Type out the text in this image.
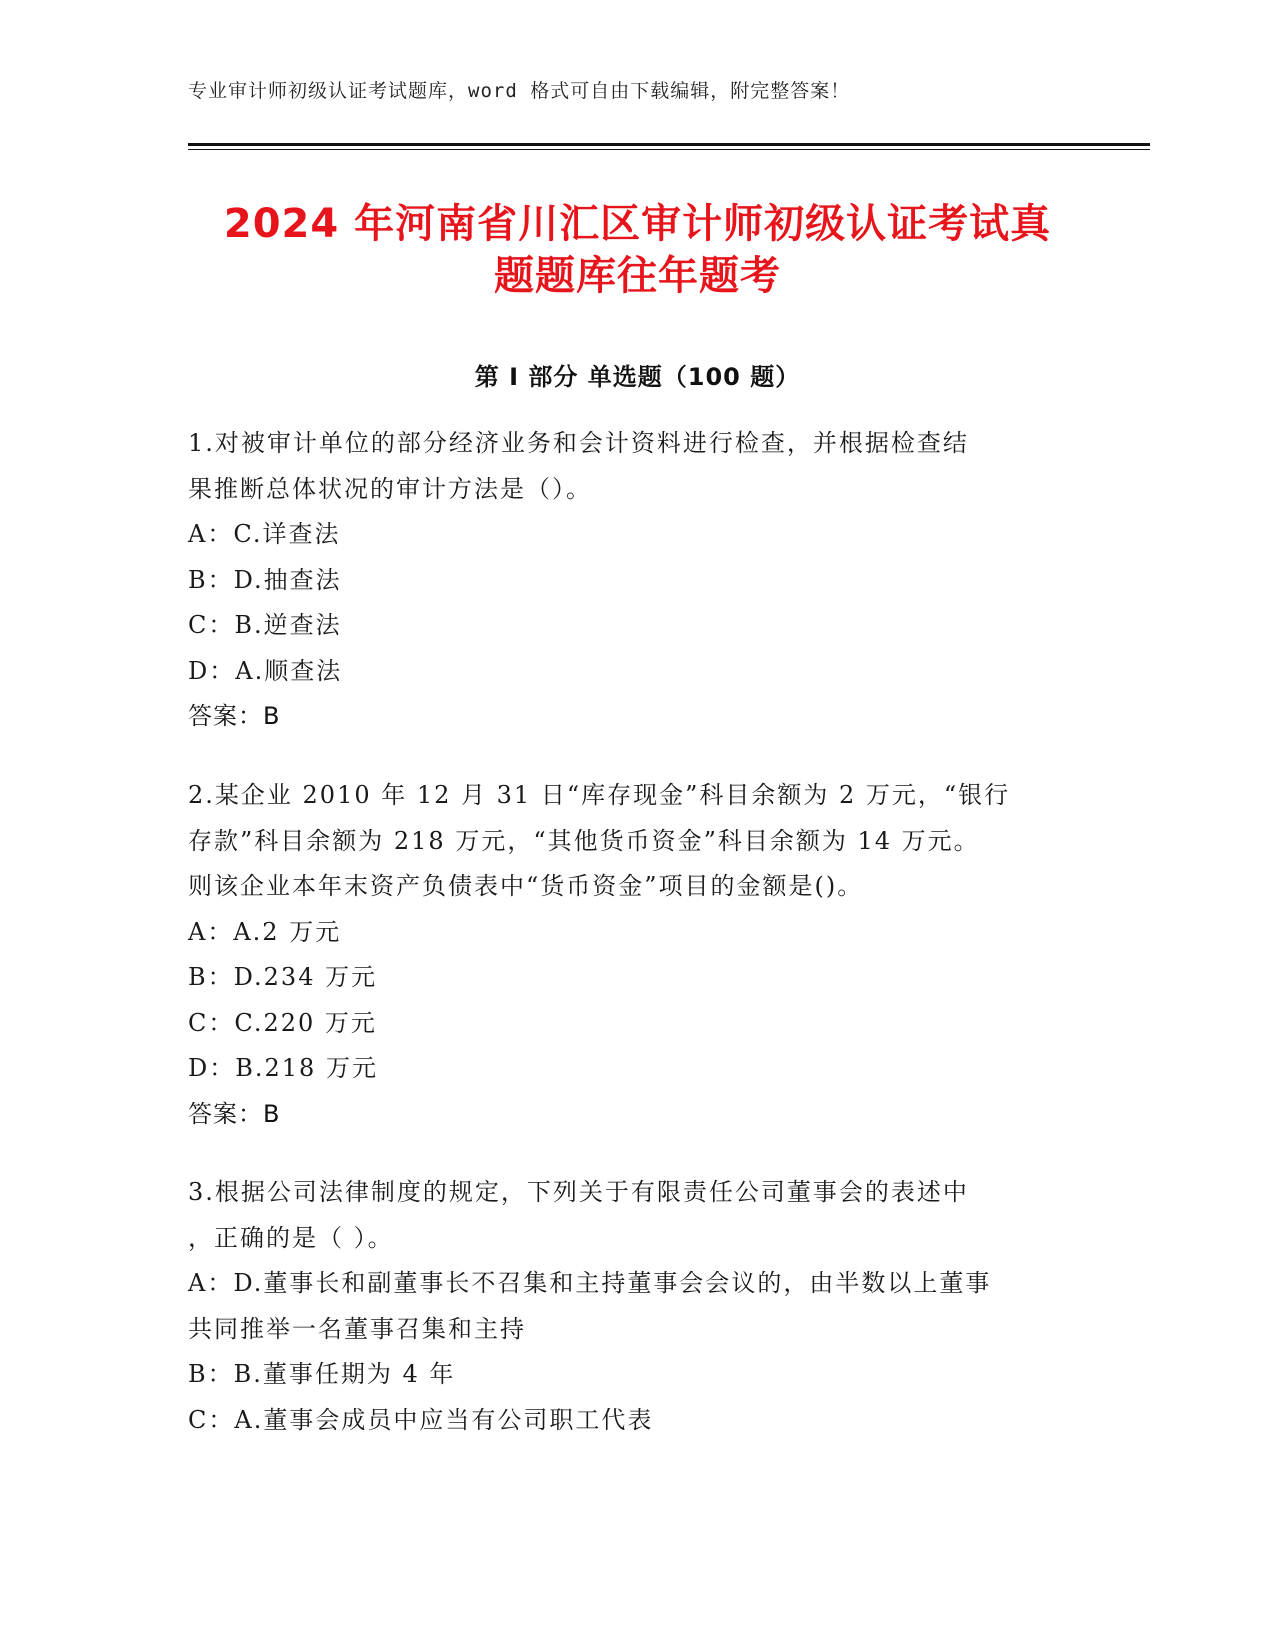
专业审计师初级认证考试题库，word 格式可自由下载编辑，附完整答案！
2024 年河南省川汇区审计师初级认证考试真
题题库往年题考
第 I 部分 单选题（100 题）
1.对被审计单位的部分经济业务和会计资料进行检查，并根据检查结
果推断总体状况的审计方法是（）。
A：C.详查法
B：D.抽查法
C：B.逆查法
D：A.顺查法
答案：B
2.某企业 2010 年 12 月 31 日“库存现金”科目余额为 2 万元，“银行
存款”科目余额为 218 万元，“其他货币资金”科目余额为 14 万元。
则该企业本年末资产负债表中“货币资金”项目的金额是()。
A：A.2 万元
B：D.234 万元
C：C.220 万元
D：B.218 万元
答案：B
3.根据公司法律制度的规定，下列关于有限责任公司董事会的表述中
，正确的是（ ）。
A：D.董事长和副董事长不召集和主持董事会会议的，由半数以上董事
共同推举一名董事召集和主持
B：B.董事任期为 4 年
C：A.董事会成员中应当有公司职工代表
